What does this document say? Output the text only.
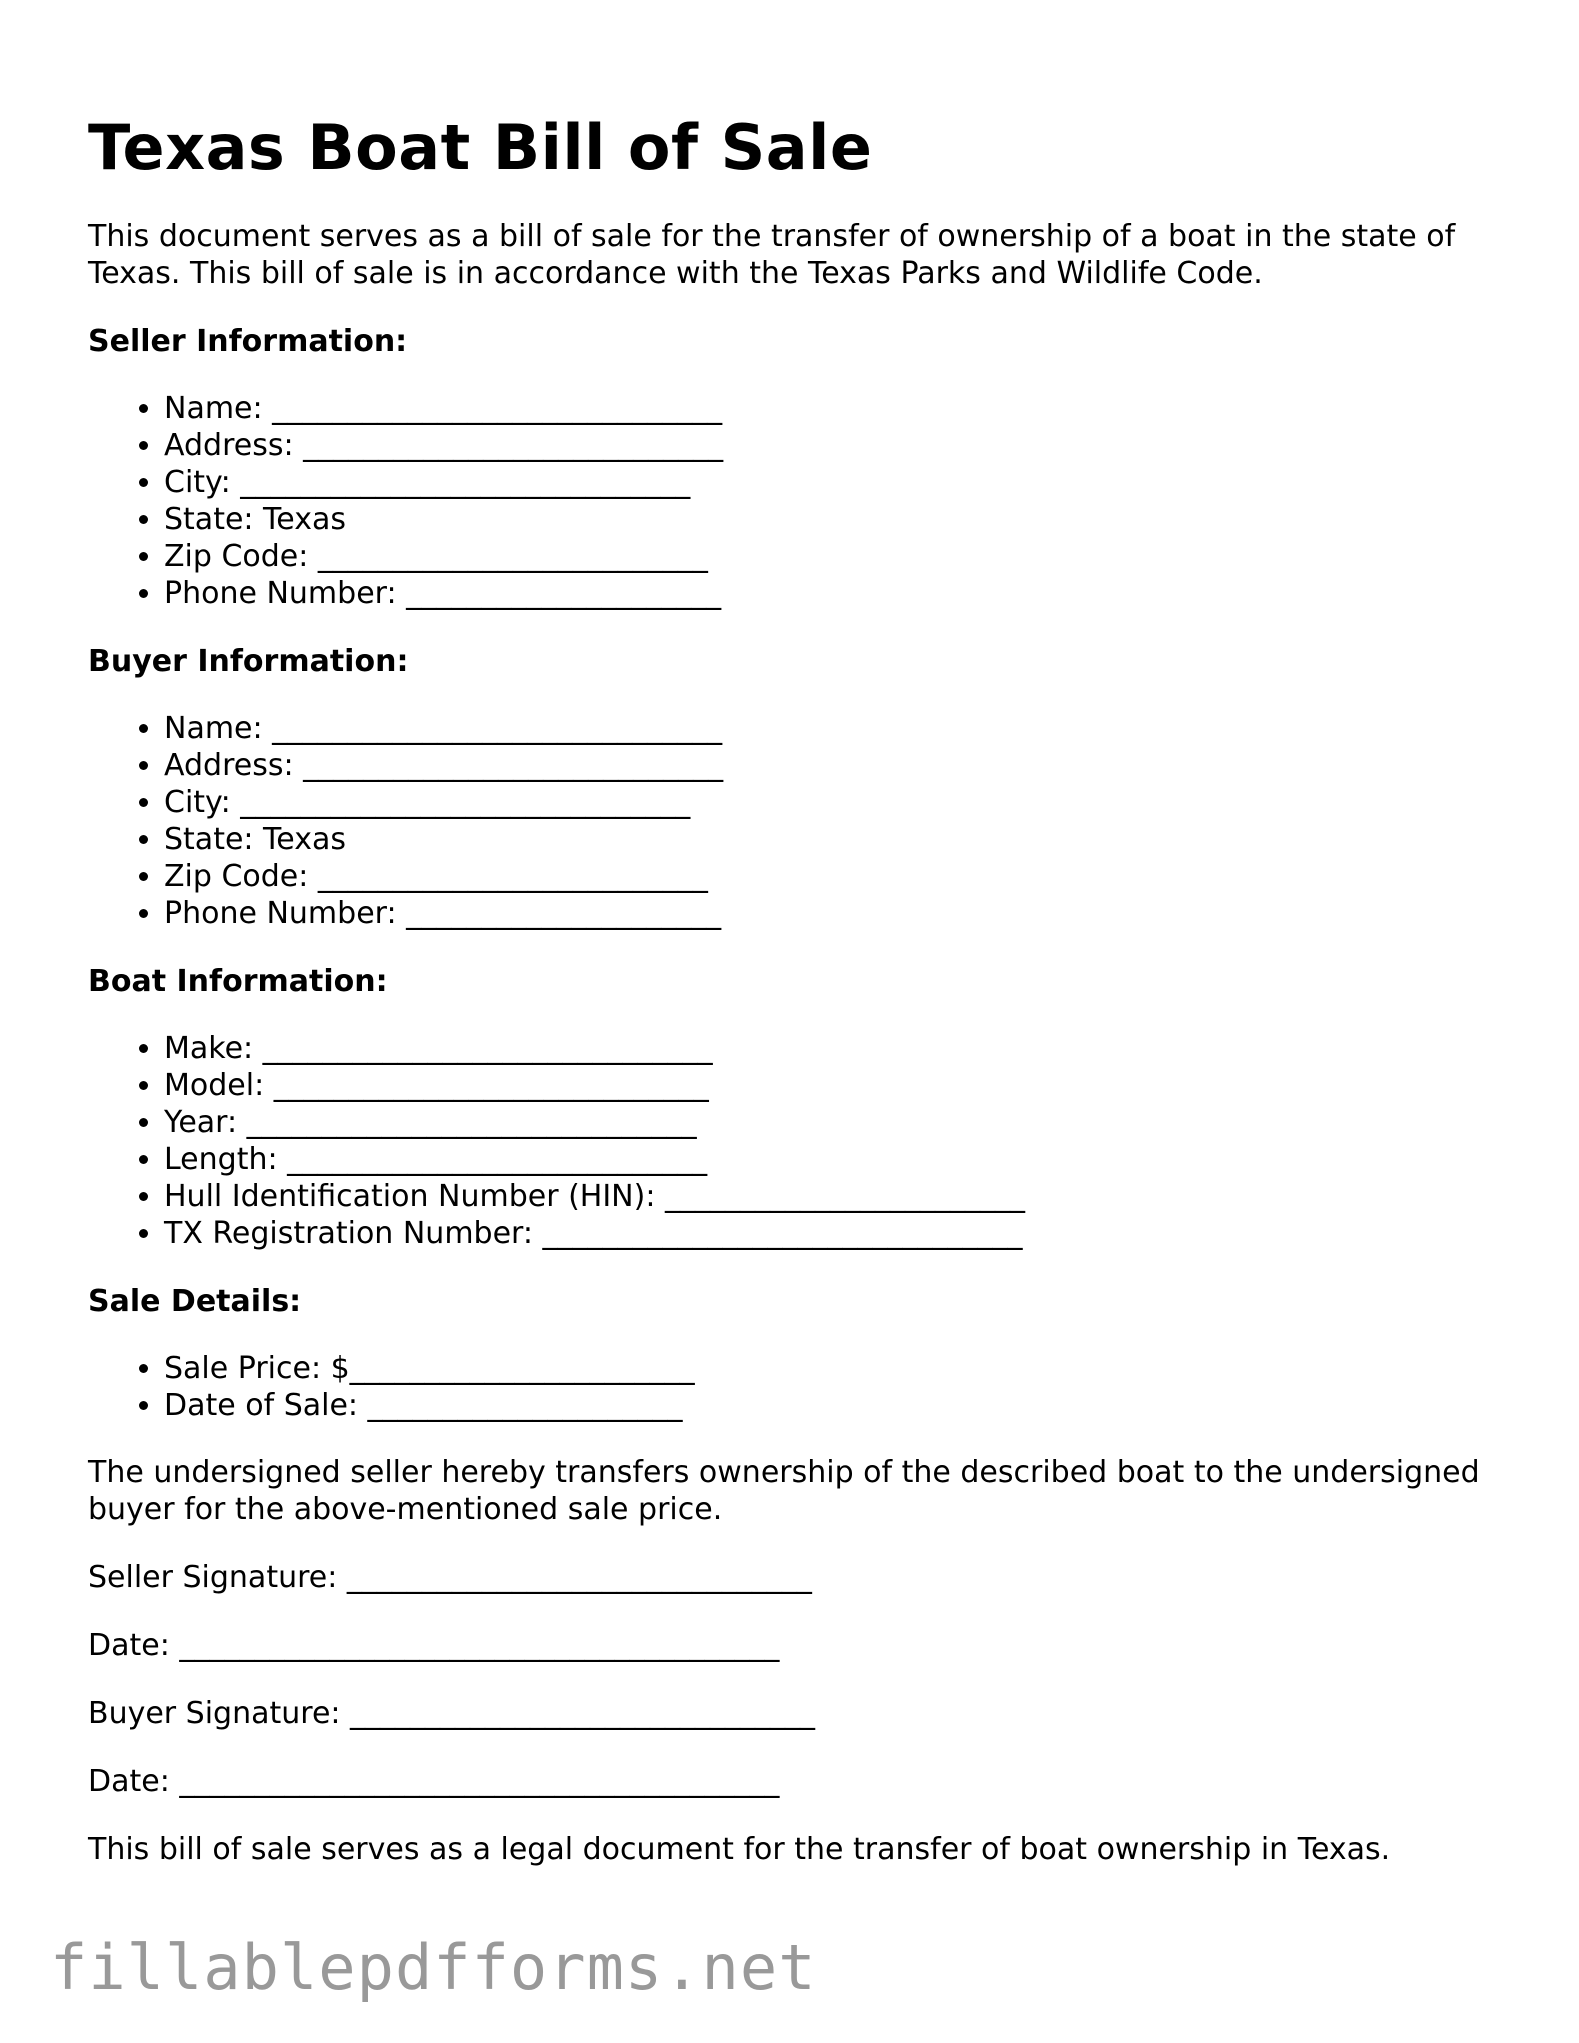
Texas Boat Bill of Sale

This document serves as a bill of sale for the transfer of ownership of a boat in the state of Texas. This bill of sale is in accordance with the Texas Parks and Wildlife Code.

Seller Information:
• Name: ______________________________
• Address: ____________________________
• City: ______________________________
• State: Texas
• Zip Code: __________________________
• Phone Number: _____________________
Buyer Information:
• Name: ______________________________
• Address: ____________________________
• City: ______________________________
• State: Texas
• Zip Code: __________________________
• Phone Number: _____________________
Boat Information:
• Make: ______________________________
• Model: _____________________________
• Year: ______________________________
• Length: ____________________________
• Hull Identification Number (HIN): ________________________
• TX Registration Number: ________________________________
Sale Details:
• Sale Price: $_______________________
• Date of Sale: _____________________

The undersigned seller hereby transfers ownership of the described boat to the undersigned buyer for the above-mentioned sale price.

Seller Signature: _______________________________

Date: ________________________________________

Buyer Signature: _______________________________

Date: ________________________________________

This bill of sale serves as a legal document for the transfer of boat ownership in Texas.

fillablepdfforms.net
